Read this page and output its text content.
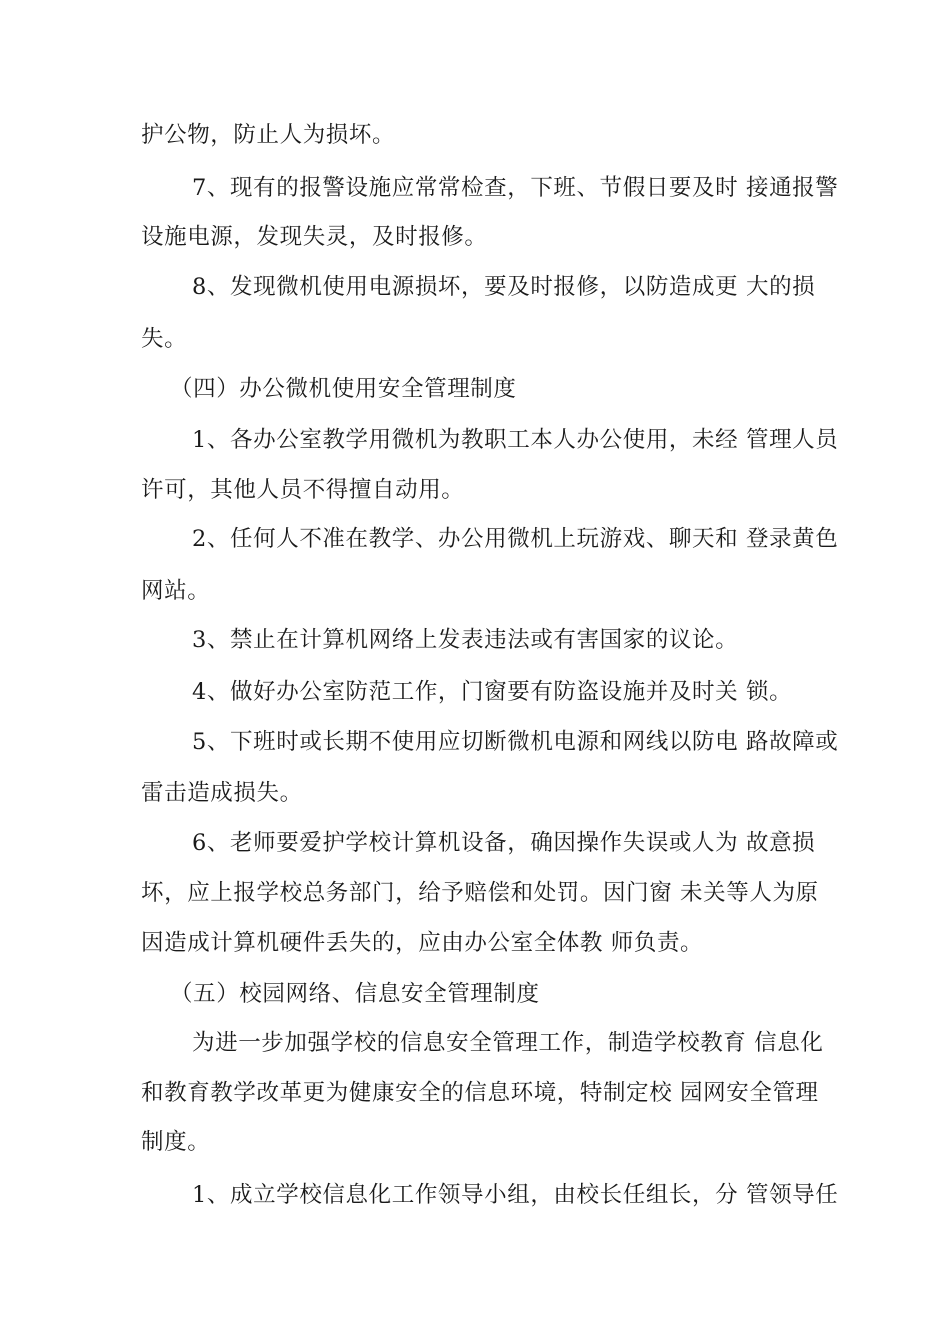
护公物，防止人为损坏。
7、现有的报警设施应常常检查，下班、节假日要及时 接通报警
设施电源，发现失灵，及时报修。
8、发现微机使用电源损坏，要及时报修，以防造成更 大的损
失。
（四）办公微机使用安全管理制度
1、各办公室教学用微机为教职工本人办公使用，未经 管理人员
许可，其他人员不得擅自动用。
2、任何人不准在教学、办公用微机上玩游戏、聊天和 登录黄色
网站。
3、禁止在计算机网络上发表违法或有害国家的议论。
4、做好办公室防范工作，门窗要有防盗设施并及时关 锁。
5、下班时或长期不使用应切断微机电源和网线以防电 路故障或
雷击造成损失。
6、老师要爱护学校计算机设备，确因操作失误或人为 故意损
坏，应上报学校总务部门，给予赔偿和处罚。因门窗 未关等人为原
因造成计算机硬件丢失的，应由办公室全体教 师负责。
（五）校园网络、信息安全管理制度
为进一步加强学校的信息安全管理工作，制造学校教育 信息化
和教育教学改革更为健康安全的信息环境，特制定校 园网安全管理
制度。
1、成立学校信息化工作领导小组，由校长任组长，分 管领导任
